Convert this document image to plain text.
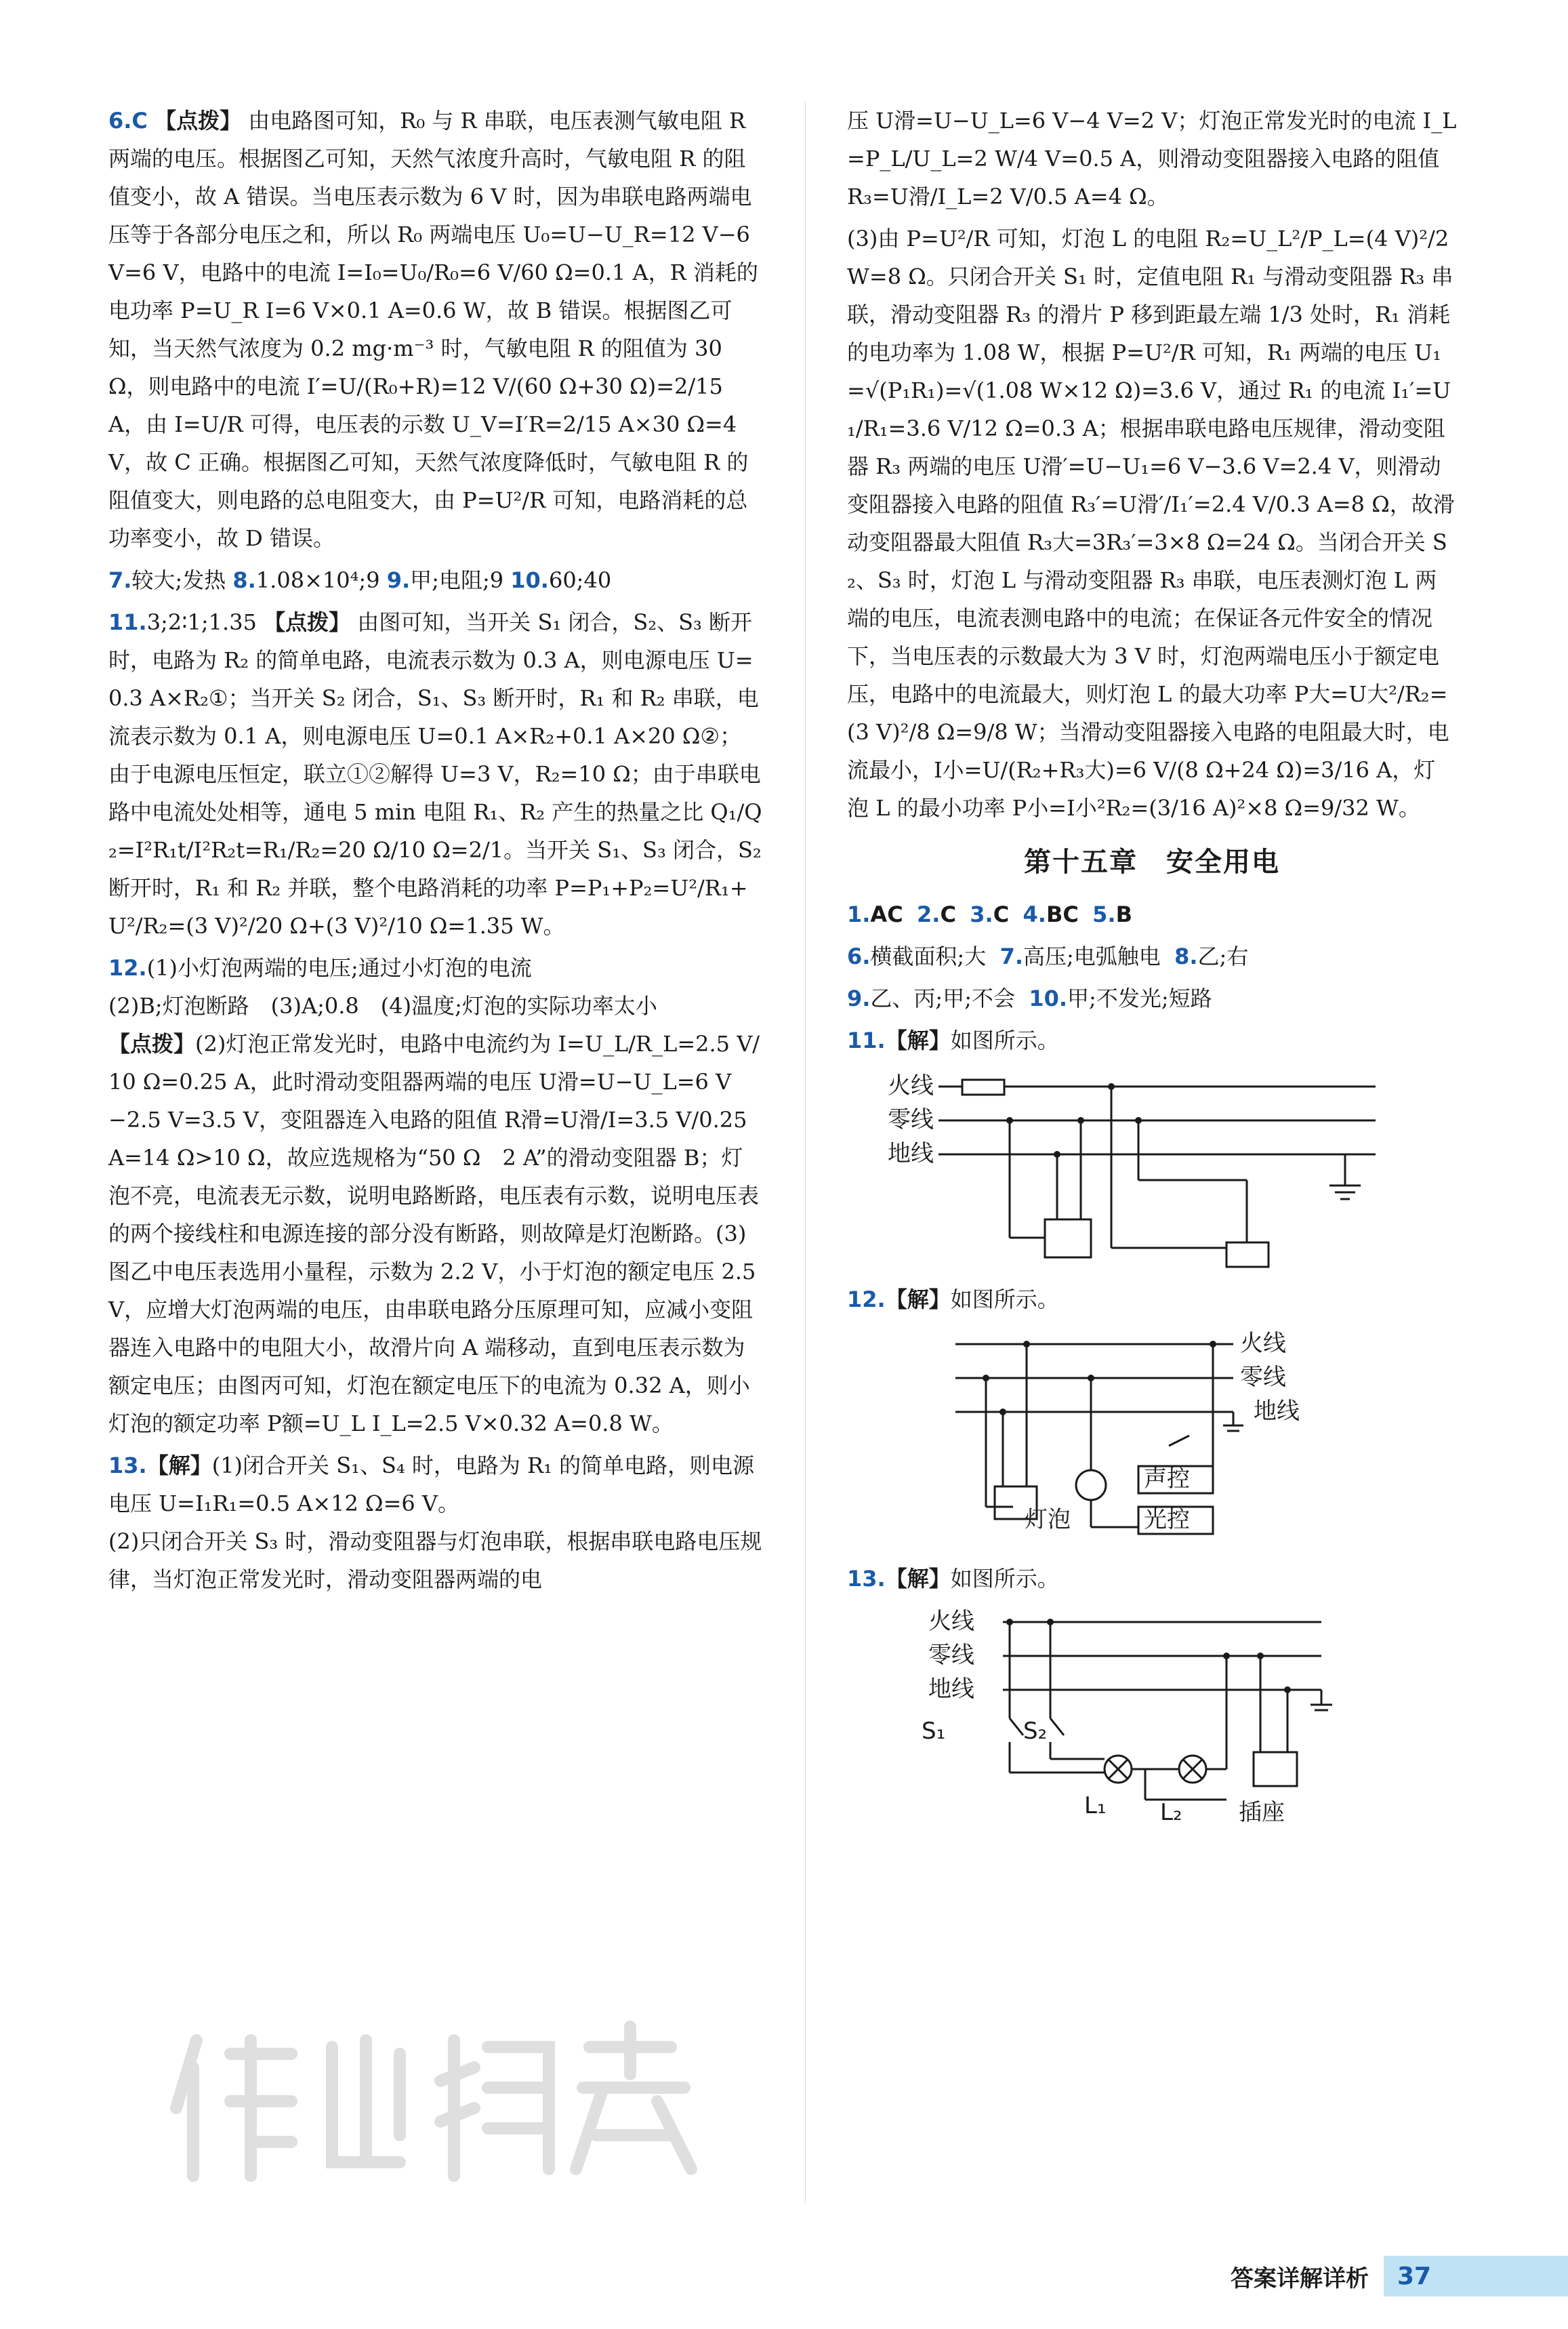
6.C 【点拨】 由电路图可知，R₀ 与 R 串联，电压表测气敏电阻 R 两端的电压。根据图乙可知，天然气浓度升高时，气敏电阻 R 的阻值变小，故 A 错误。当电压表示数为 6 V 时，因为串联电路两端电压等于各部分电压之和，所以 R₀ 两端电压 U₀=U−U_R=12 V−6 V=6 V，电路中的电流 I=I₀=U₀/R₀=6 V/60 Ω=0.1 A，R 消耗的电功率 P=U_R I=6 V×0.1 A=0.6 W，故 B 错误。根据图乙可知，当天然气浓度为 0.2 mg·m⁻³ 时，气敏电阻 R 的阻值为 30 Ω，则电路中的电流 I′=U/(R₀+R)=12 V/(60 Ω+30 Ω)=2/15 A，由 I=U/R 可得，电压表的示数 U_V=I′R=2/15 A×30 Ω=4 V，故 C 正确。根据图乙可知，天然气浓度降低时，气敏电阻 R 的阻值变大，则电路的总电阻变大，由 P=U²/R 可知，电路消耗的总功率变小，故 D 错误。

7.较大;发热 8.1.08×10⁴;9 9.甲;电阻;9 10.60;40

11.3;2∶1;1.35 【点拨】 由图可知，当开关 S₁ 闭合，S₂、S₃ 断开时，电路为 R₂ 的简单电路，电流表示数为 0.3 A，则电源电压 U=0.3 A×R₂①；当开关 S₂ 闭合，S₁、S₃ 断开时，R₁ 和 R₂ 串联，电流表示数为 0.1 A，则电源电压 U=0.1 A×R₂+0.1 A×20 Ω②；由于电源电压恒定，联立①②解得 U=3 V，R₂=10 Ω；由于串联电路中电流处处相等，通电 5 min 电阻 R₁、R₂ 产生的热量之比 Q₁/Q₂=I²R₁t/I²R₂t=R₁/R₂=20 Ω/10 Ω=2/1。当开关 S₁、S₃ 闭合，S₂ 断开时，R₁ 和 R₂ 并联，整个电路消耗的功率 P=P₁+P₂=U²/R₁+U²/R₂=(3 V)²/20 Ω+(3 V)²/10 Ω=1.35 W。

12.(1)小灯泡两端的电压;通过小灯泡的电流
(2)B;灯泡断路　(3)A;0.8　(4)温度;灯泡的实际功率太小
【点拨】(2)灯泡正常发光时，电路中电流约为 I=U_L/R_L=2.5 V/10 Ω=0.25 A，此时滑动变阻器两端的电压 U滑=U−U_L=6 V−2.5 V=3.5 V，变阻器连入电路的阻值 R滑=U滑/I=3.5 V/0.25 A=14 Ω>10 Ω，故应选规格为“50 Ω　2 A”的滑动变阻器 B；灯泡不亮，电流表无示数，说明电路断路，电压表有示数，说明电压表的两个接线柱和电源连接的部分没有断路，则故障是灯泡断路。(3)图乙中电压表选用小量程，示数为 2.2 V，小于灯泡的额定电压 2.5 V，应增大灯泡两端的电压，由串联电路分压原理可知，应减小变阻器连入电路中的电阻大小，故滑片向 A 端移动，直到电压表示数为额定电压；由图丙可知，灯泡在额定电压下的电流为 0.32 A，则小灯泡的额定功率 P额=U_L I_L=2.5 V×0.32 A=0.8 W。

13.【解】(1)闭合开关 S₁、S₄ 时，电路为 R₁ 的简单电路，则电源电压 U=I₁R₁=0.5 A×12 Ω=6 V。
(2)只闭合开关 S₃ 时，滑动变阻器与灯泡串联，根据串联电路电压规律，当灯泡正常发光时，滑动变阻器两端的电

压 U滑=U−U_L=6 V−4 V=2 V；灯泡正常发光时的电流 I_L=P_L/U_L=2 W/4 V=0.5 A，则滑动变阻器接入电路的阻值 R₃=U滑/I_L=2 V/0.5 A=4 Ω。

(3)由 P=U²/R 可知，灯泡 L 的电阻 R₂=U_L²/P_L=(4 V)²/2 W=8 Ω。只闭合开关 S₁ 时，定值电阻 R₁ 与滑动变阻器 R₃ 串联，滑动变阻器 R₃ 的滑片 P 移到距最左端 1/3 处时，R₁ 消耗的电功率为 1.08 W，根据 P=U²/R 可知，R₁ 两端的电压 U₁=√(P₁R₁)=√(1.08 W×12 Ω)=3.6 V，通过 R₁ 的电流 I₁′=U₁/R₁=3.6 V/12 Ω=0.3 A；根据串联电路电压规律，滑动变阻器 R₃ 两端的电压 U滑′=U−U₁=6 V−3.6 V=2.4 V，则滑动变阻器接入电路的阻值 R₃′=U滑′/I₁′=2.4 V/0.3 A=8 Ω，故滑动变阻器最大阻值 R₃大=3R₃′=3×8 Ω=24 Ω。当闭合开关 S₂、S₃ 时，灯泡 L 与滑动变阻器 R₃ 串联，电压表测灯泡 L 两端的电压，电流表测电路中的电流；在保证各元件安全的情况下，当电压表的示数最大为 3 V 时，灯泡两端电压小于额定电压，电路中的电流最大，则灯泡 L 的最大功率 P大=U大²/R₂=(3 V)²/8 Ω=9/8 W；当滑动变阻器接入电路的电阻最大时，电流最小，I小=U/(R₂+R₃大)=6 V/(8 Ω+24 Ω)=3/16 A，灯泡 L 的最小功率 P小=I小²R₂=(3/16 A)²×8 Ω=9/32 W。

第十五章　安全用电

1.AC 2.C 3.C 4.BC 5.B

6.横截面积;大 7.高压;电弧触电 8.乙;右

9.乙、丙;甲;不会 10.甲;不发光;短路

11.【解】如图所示。

火线
零线
地线

12.【解】如图所示。

火线
零线
地线
灯泡
声控
光控

13.【解】如图所示。

火线
零线
地线
S₁	S₂
L₁ L₂ 插座
答案详解详析	37
